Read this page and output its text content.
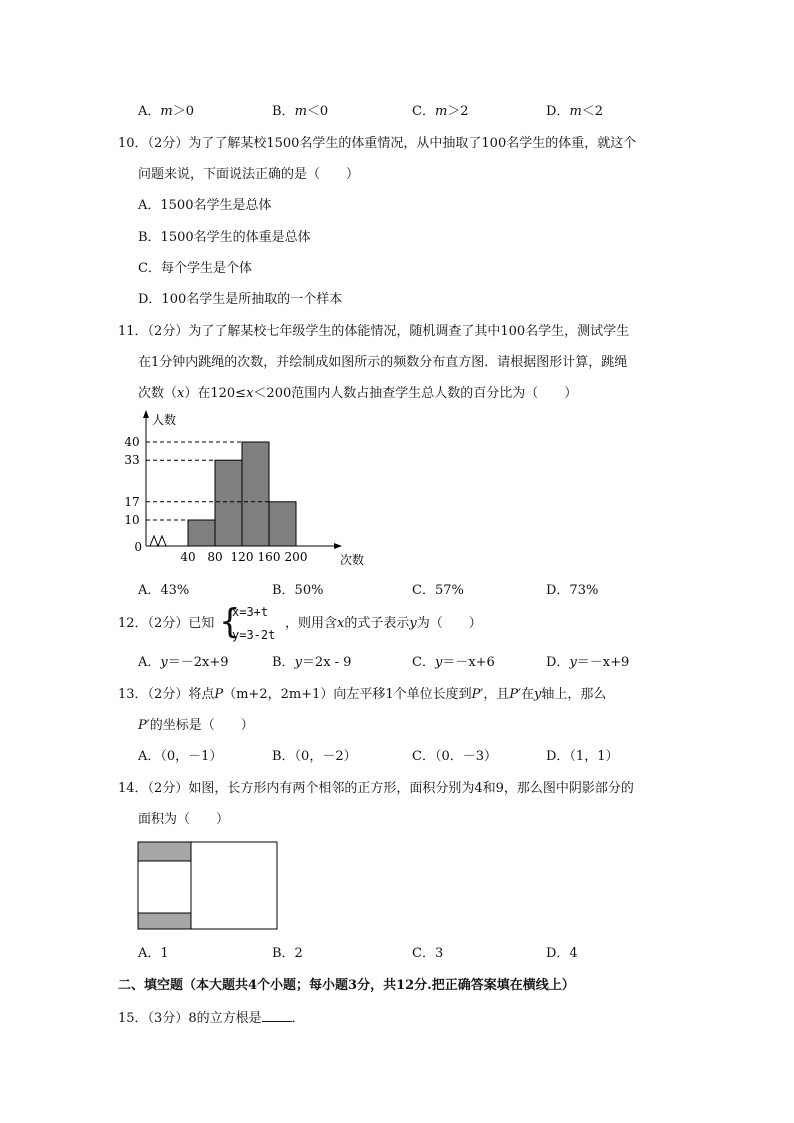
A．m＞0	B．m＜0	C．m＞2	D．m＜2
10．（2分）为了了解某校1500名学生的体重情况，从中抽取了100名学生的体重，就这个
问题来说，下面说法正确的是（　　）
A．1500名学生是总体
B．1500名学生的体重是总体
C．每个学生是个体
D．100名学生是所抽取的一个样本
11．（2分）为了了解某校七年级学生的体能情况，随机调查了其中100名学生，测试学生
在1分钟内跳绳的次数，并绘制成如图所示的频数分布直方图．请根据图形计算，跳绳
次数（x）在120≤x＜200范围内人数占抽查学生总人数的百分比为（　　）
人数
次数
0
40
33
17
10
40 80 120 160 200
A．43%	B．50%	C．57%	D．73%
12．（2分）已知 {
x=3+t
y=3-2t
，则用含x的式子表示y为（　　）
A．y＝－2x+9	B．y＝2x - 9	C．y＝－x+6	D．y＝－x+9
13．（2分）将点P（m+2，2m+1）向左平移1个单位长度到P′，且P′在y轴上，那么
P′的坐标是（　　）
A．（0，－1）	B．（0，－2）	C．（0．－3）	D．（1，1）
14．（2分）如图，长方形内有两个相邻的正方形，面积分别为4和9，那么图中阴影部分的
面积为（　　）
A．1	B．2	C．3	D．4
二、填空题（本大题共4个小题；每小题3分，共12分.把正确答案填在横线上）
15．（3分）8的立方根是 ．
